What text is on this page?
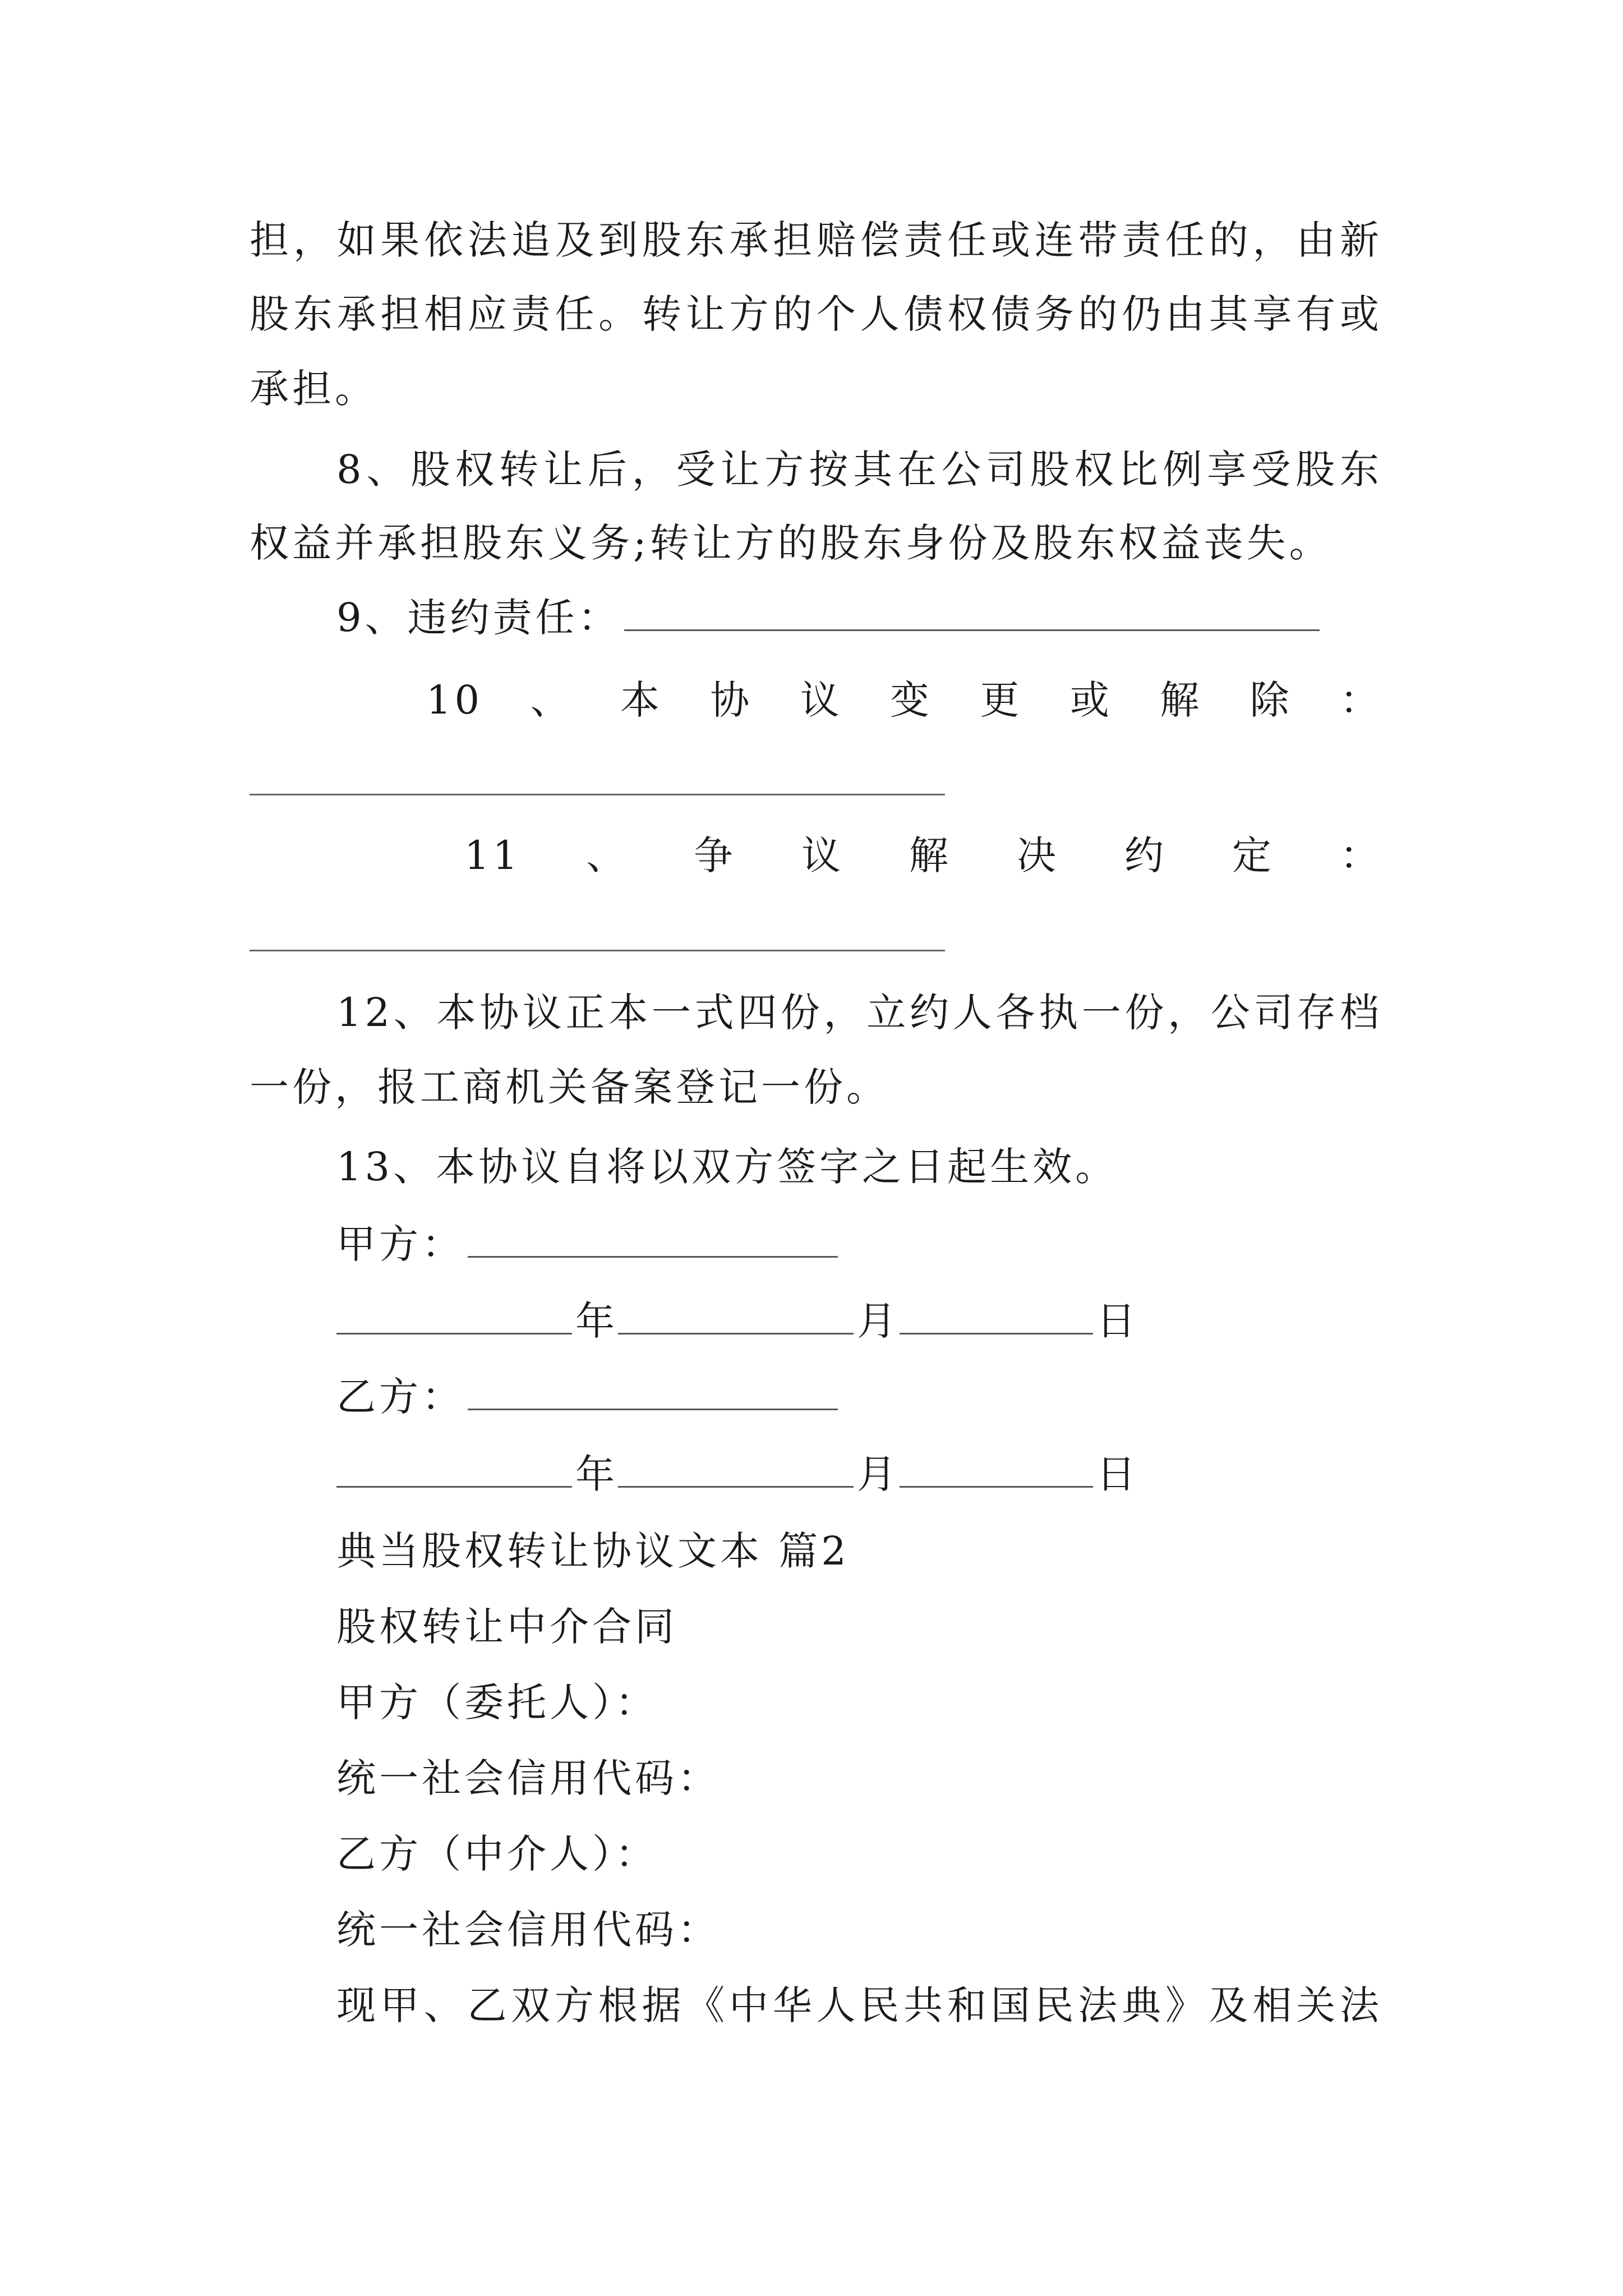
担，如果依法追及到股东承担赔偿责任或连带责任的，由新
股东承担相应责任。转让方的个人债权债务的仍由其享有或
承担。
8、股权转让后，受让方按其在公司股权比例享受股东
权益并承担股东义务;转让方的股东身份及股东权益丧失。
9、违约责任：
10 、 本 协 议 变 更 或 解 除 ：
11 、 争 议 解 决 约 定 ：
12、本协议正本一式四份，立约人各执一份，公司存档
一份，报工商机关备案登记一份。
13、本协议自将以双方签字之日起生效。
甲方：
年	月	日
乙方：
年	月	日
典当股权转让协议文本 篇2
股权转让中介合同
甲方（委托人）：
统一社会信用代码：
乙方（中介人）：
统一社会信用代码：
现甲、乙双方根据《中华人民共和国民法典》及相关法
